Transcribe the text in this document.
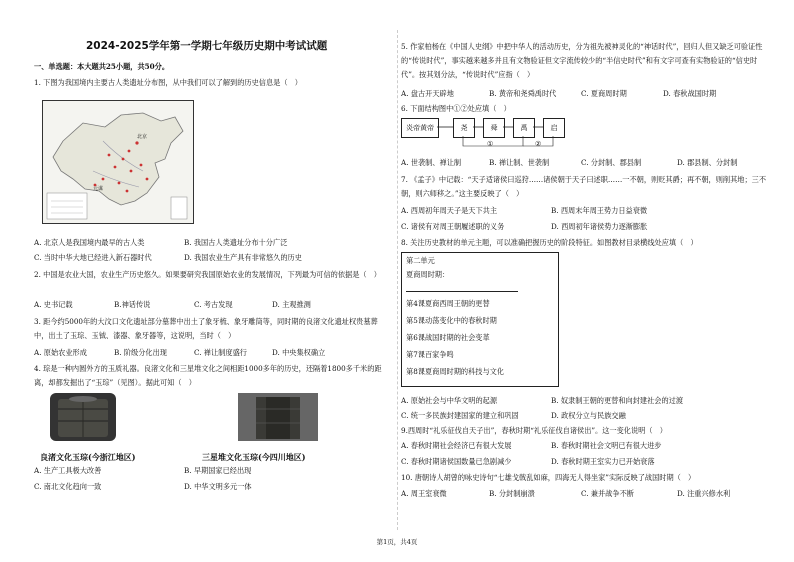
2024-2025学年第一学期七年级历史期中考试试题
一、单选题：本大题共25小题，共50分。
1. 下图为我国境内主要古人类遗址分布图，从中我们可以了解到的历史信息是（　）
北京
元谋
A. 北京人是我国境内最早的古人类	B. 我国古人类遗址分布十分广泛
C. 当时中华大地已经进入新石器时代	D. 我国农业生产具有非常悠久的历史
2. 中国是农业大国，农业生产历史悠久。如果要研究我国原始农业的发展情况，下列最为可信的依据是（　）
A. 史书记载	B.神话传说	C. 考古发现	D. 主观推测
3. 距今约5000年的大汶口文化遗址部分墓葬中出土了象牙梳、象牙雕筒等，同时期的良渚文化遗址权贵墓葬中，出土了玉琮、玉钺、漆器、象牙器等，这说明，当时（　）
A. 原始农业形成	B. 阶级分化出现	C. 禅让制度盛行	D. 中央集权确立
4. 琮是一种内圆外方的玉质礼器。良渚文化和三星堆文化之间相距1000多年的历史，还隔着1800多千米的距离，却都发掘出了“玉琮”（见图）。据此可知（　）
良渚文化玉琮(今浙江地区)	三星堆文化玉琮(今四川地区)
A. 生产工具极大改善	B. 早期国家已经出现
C. 南北文化趋向一致	D. 中华文明多元一体
5. 作家柏杨在《中国人史纲》中把中华人的活动历史，分为祖先被神灵化的“神话时代”，回归人但又缺乏可验证性的“传说时代”，事实越来越多并且有文物验证但文字流传较少的“半信史时代”和有文字可查有实物验证的“信史时代”。按其划分法，“传说时代”应指（　）
A. 盘古开天辟地	B. 黄帝和尧舜禹时代	C. 夏商周时期	D. 春秋战国时期
6. 下面结构图中①②处应填（　）
炎帝黄帝	尧	舜	禹	启
①	②
A. 世袭制、禅让制	B. 禅让制、世袭制	C. 分封制、郡县制	D. 郡县制、分封制
7. 《孟子》中记载：“天子适诸侯曰巡狩……诸侯朝于天子曰述职……一不朝，则贬其爵；再不朝，则削其地；三不朝，则六师移之。”这主要反映了（　）
A. 西周初年周天子是天下共主	B. 西周末年周王势力日益衰微
C. 诸侯有对周王朝履述职的义务	D. 西周初年诸侯势力逐渐膨胀
8. 关注历史教材的单元主题，可以准确把握历史的阶段特征。如图教材目录横线处应填（　）
第二单元
夏商周时期：
第4课夏商西周王朝的更替
第5课动荡变化中的春秋时期
第6课战国时期的社会变革
第7课百家争鸣
第8课夏商周时期的科技与文化
A. 原始社会与中华文明的起源	B. 奴隶制王朝的更替和向封建社会的过渡
C. 统一多民族封建国家的建立和巩固	D. 政权分立与民族交融
9.西周时“礼乐征伐自天子出”，春秋时期“礼乐征伐自诸侯出”。这一变化说明（　）
A. 春秋时期社会经济已有很大发展	B. 春秋时期社会文明已有很大进步
C. 春秋时期诸侯国数量已急剧减少	D. 春秋时期王室实力已开始衰落
10. 唐朝诗人胡曾的咏史诗句“七雄戈戟乱如麻，四海无人得坐家”实际反映了战国时期（　）
A. 周王室衰微	B. 分封制崩溃	C. 兼并战争不断	D. 注重兴修水利
第1页，共4页
